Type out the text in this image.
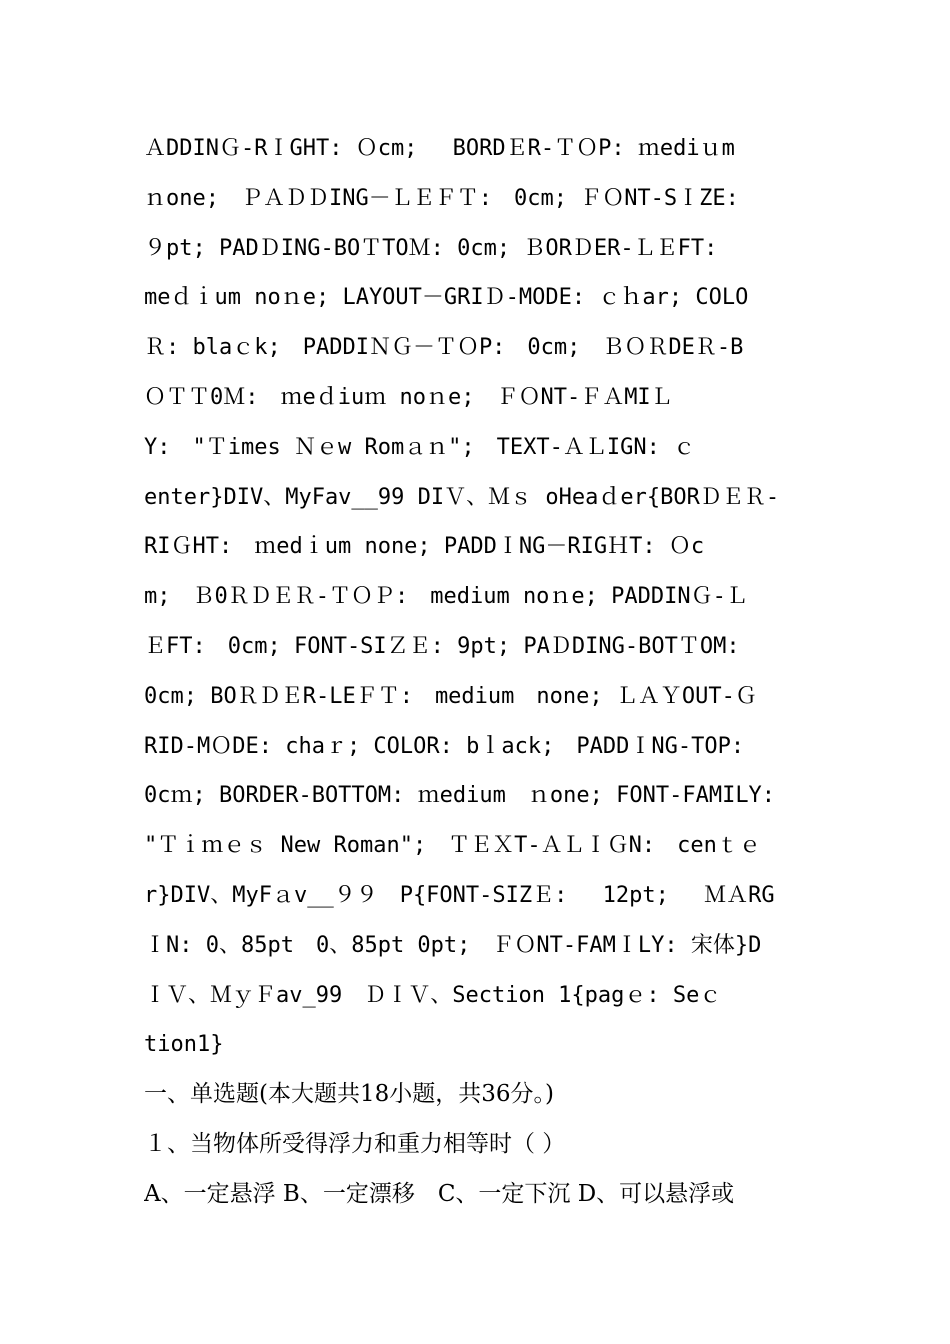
ＡDDINＧ-RＩGHT: Ｏcm;　 BORDＥR-ＴＯP: ｍediｕm
ｎone;　ＰＡＤＤING－ＬＥＦＴ:　0cm; ＦＯNT-SＩZE:
９pt; PADＤING-BOＴTOＭ: 0cm; ＢORＤER-ＬＥFT:
meｄｉum noｎe; LAYOUT－GRIＤ-MODE: ｃｈar; COLO
Ｒ: blaｃk;　PADDIＮＧ－ＴＯP:　0cm;　ＢＯＲDEＲ-B
ＯＴＴ0Ｍ:　ｍeｄiuｍ noｎe;　ＦＯNT-ＦＡMIＬ
Y:　"Ｔimes Ｎｅw Romａｎ";　TEXT-ＡＬIGN: ｃ
enter}DIV、MyFav__99 DIＶ、Ｍｓ oHeaｄer{BORＤＥＲ-
RIＧHT:　ｍedｉum none; PADDＩNG－RIGＨT: Ｏc
m;　Ｂ0ＲＤＥＲ-ＴＯＰ:　medium noｎe; PADDINＧ-Ｌ
ＥFT:　0cm; FONT-SIＺＥ: 9pt; PAＤDING-BOTＴOM:
0cm; BOＲＤＥR-LEＦＴ:　medium　none; ＬＡＹOUT-Ｇ
RID-MＯDE: chaｒ; COLOR: bｌack;　PADDＩNG-TOP:
0cｍ; BORDER-BOTTOM: ｍedium　ｎone; FONT-FAMILY:
"Ｔｉｍｅｓ New Roman";　ＴＥＸT-ＡＬＩＧN:　cenｔｅ
r}DIV、MyFａv__９９　P{FONT-SIZＥ:　 12pt;　 ＭＡRG
ＩN: 0、85pt　0、85pt 0pt;　ＦＯNT-FAMＩLY: 宋体}D
ＩＶ、ＭｙＦav_99　ＤＩＶ、Section 1{pagｅ: Seｃ
tion1}
一、单选题(本大题共18小题，共36分。)
１、当物体所受得浮力和重力相等时（ ）
A、一定悬浮 B、一定漂移　C、一定下沉 D、可以悬浮或
